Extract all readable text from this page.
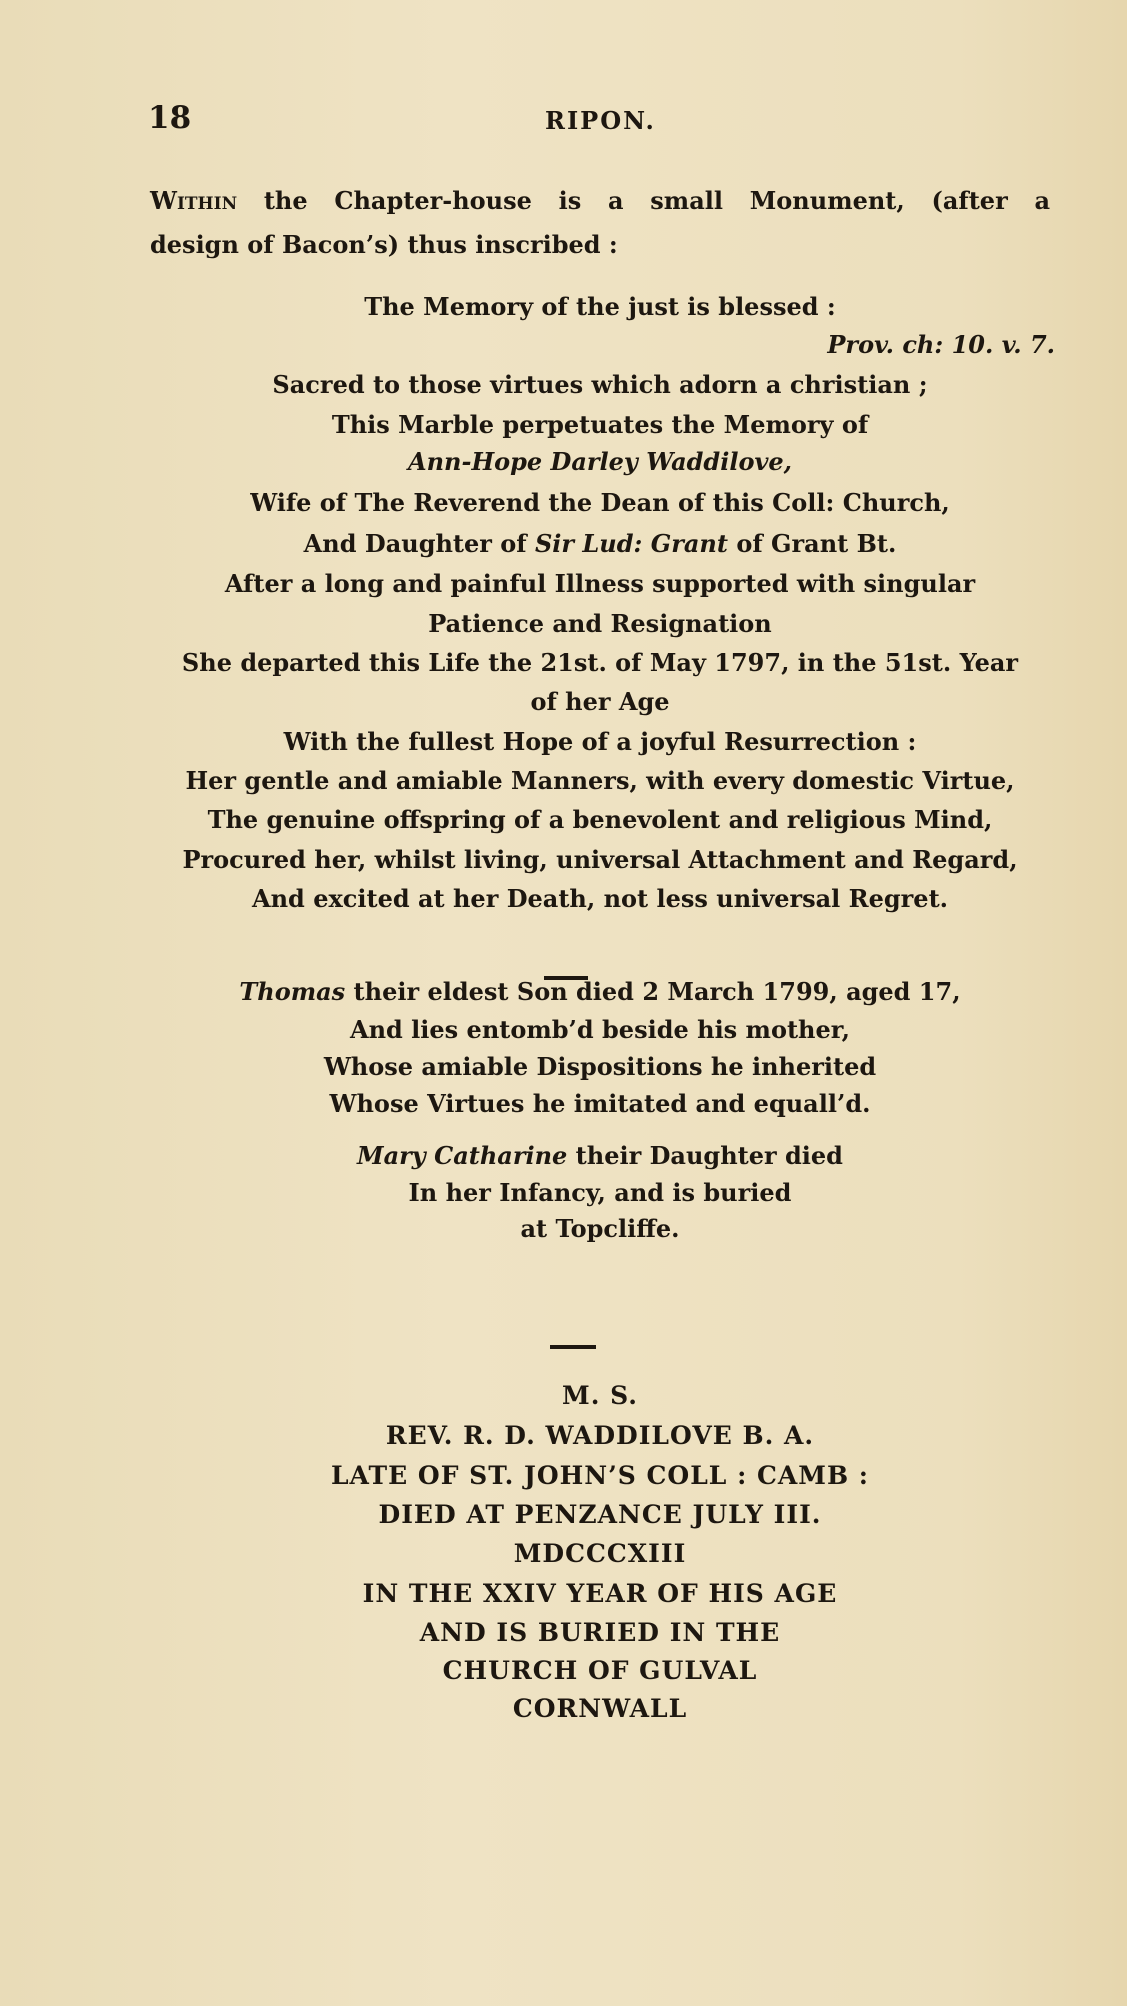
18	RIPON.
Within the Chapter-house is a small Monument, (after a
design of Bacon’s) thus inscribed :
The Memory of the just is blessed :
Prov. ch: 10. v. 7.
Sacred to those virtues which adorn a christian ;
This Marble perpetuates the Memory of
Ann-Hope Darley Waddilove,
Wife of The Reverend the Dean of this Coll: Church,
And Daughter of Sir Lud: Grant of Grant Bt.
After a long and painful Illness supported with singular
Patience and Resignation
She departed this Life the 21st. of May 1797, in the 51st. Year
of her Age
With the fullest Hope of a joyful Resurrection :
Her gentle and amiable Manners, with every domestic Virtue,
The genuine offspring of a benevolent and religious Mind,
Procured her, whilst living, universal Attachment and Regard,
And excited at her Death, not less universal Regret.
Thomas their eldest Son died 2 March 1799, aged 17,
And lies entomb’d beside his mother,
Whose amiable Dispositions he inherited
Whose Virtues he imitated and equall’d.
Mary Catharine their Daughter died
In her Infancy, and is buried
at Topcliffe.
M. S.
REV. R. D. WADDILOVE B. A.
LATE OF ST. JOHN’S COLL : CAMB :
DIED AT PENZANCE JULY III.
MDCCCXIII
IN THE XXIV YEAR OF HIS AGE
AND IS BURIED IN THE
CHURCH OF GULVAL
CORNWALL
